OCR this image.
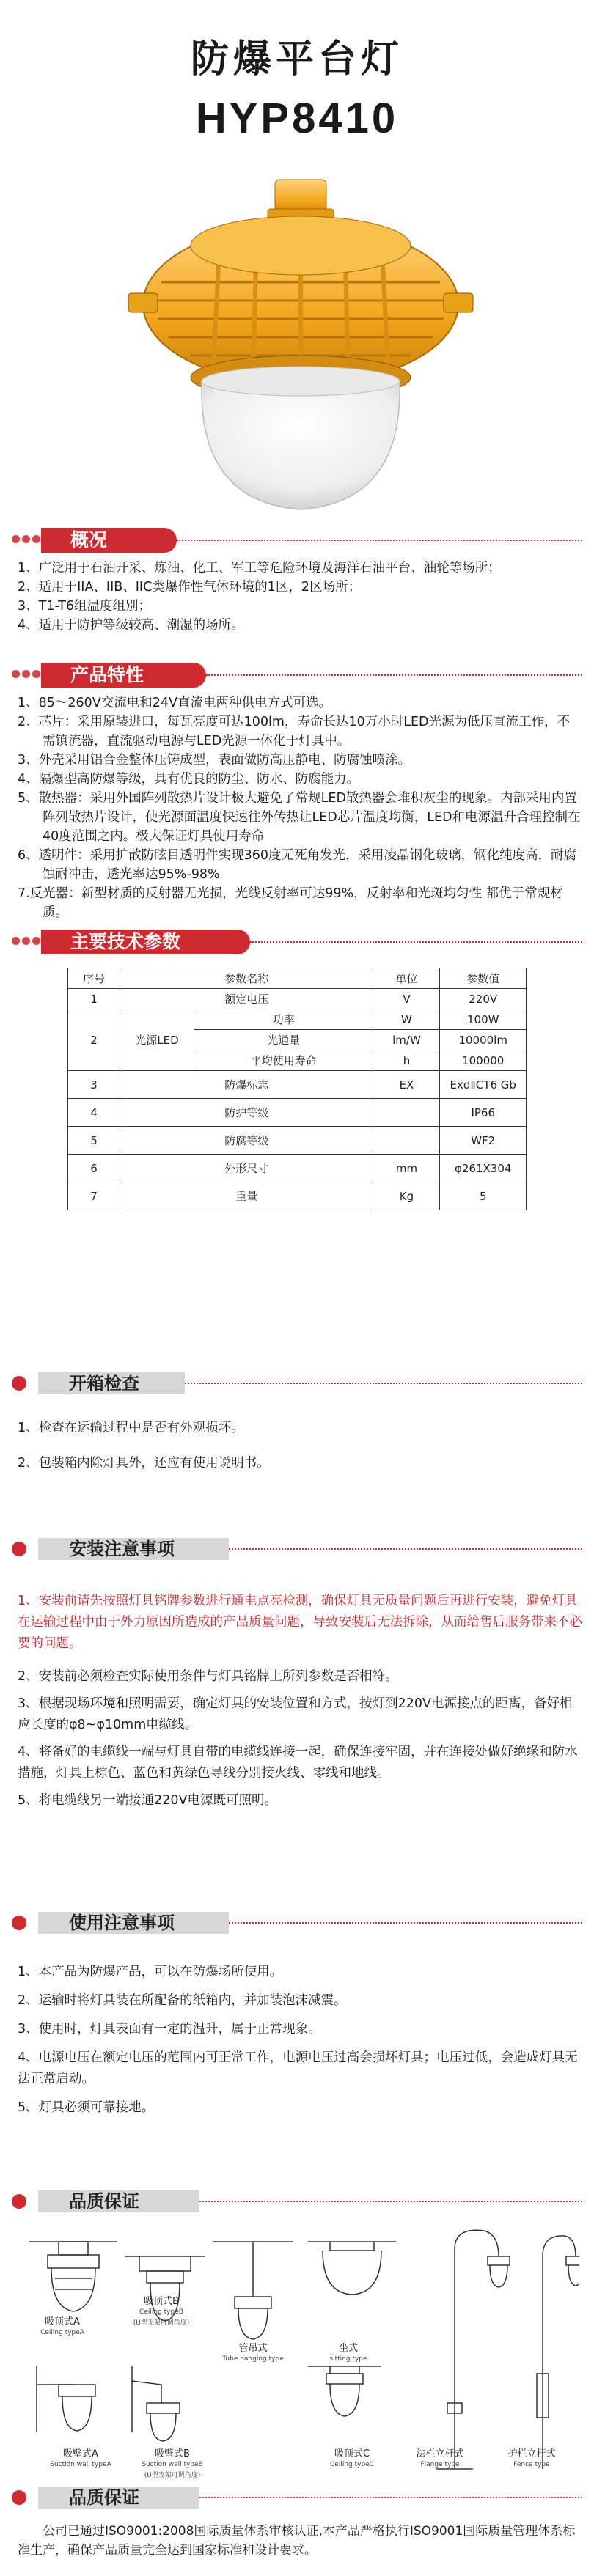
防爆平台灯
HYP8410
概况

1、广泛用于石油开采、炼油、化工、军工等危险环境及海洋石油平台、油轮等场所；

2、适用于IIA、IIB、IIC类爆作性气体环境的1区，2区场所；

3、T1-T6组温度组别；

4、适用于防护等级较高、潮湿的场所。

产品特性

1、85～260V交流电和24V直流电两种供电方式可选。

2、芯片：采用原装进口，每瓦亮度可达100lm，寿命长达10万小时LED光源为低压直流工作，不需镇流器，直流驱动电源与LED光源一体化于灯具中。

3、外壳采用铝合金整体压铸成型，表面做防高压静电、防腐蚀喷涂。

4、隔爆型高防爆等级，具有优良的防尘、防水、防腐能力。

5、散热器：采用外国阵列散热片设计极大避免了常规LED散热器会堆积灰尘的现象。内部采用内置阵列散热片设计，使光源面温度快速往外传热让LED芯片温度均衡，LED和电源温升合理控制在40度范围之内。极大保证灯具使用寿命

6、透明件：采用扩散防眩目透明件实现360度无死角发光，采用凌晶钢化玻璃，钢化纯度高，耐腐蚀耐冲击，透光率达95%-98%

7.反光器：新型材质的反射器无光损，光线反射率可达99%，反射率和光斑均匀性 都优于常规材质。

主要技术参数
序号	参数名称		单位	参数值
1	额定电压		V	220V
2	光源LED	功率	W	100W
		光通量	lm/W	10000lm
		平均使用寿命	h	100000
3	防爆标志		EX	ExdⅡCT6 Gb
4	防护等级			IP66
5	防腐等级			WF2
6	外形尺寸		mm	φ261X304
7	重量		Kg	5
开箱检查

1、检查在运输过程中是否有外观损坏。

2、包装箱内除灯具外，还应有使用说明书。

安装注意事项

1、安装前请先按照灯具铭牌参数进行通电点亮检测，确保灯具无质量问题后再进行安装，避免灯具在运输过程中由于外力原因所造成的产品质量问题，导致安装后无法拆除，从而给售后服务带来不必要的问题。

2、安装前必须检查实际使用条件与灯具铭牌上所列参数是否相符。

3、根据现场环境和照明需要，确定灯具的安装位置和方式，按灯到220V电源接点的距离，备好相应长度的φ8~φ10mm电缆线。

4、将备好的电缆线一端与灯具自带的电缆线连接一起，确保连接牢固，并在连接处做好绝缘和防水措施，灯具上棕色、蓝色和黄绿色导线分别接火线、零线和地线。

5、将电缆线另一端接通220V电源既可照明。

使用注意事项

1、本产品为防爆产品，可以在防爆场所使用。

2、运输时将灯具装在所配备的纸箱内，并加装泡沫减震。

3、使用时，灯具表面有一定的温升，属于正常现象。

4、电源电压在额定电压的范围内可正常工作，电源电压过高会损坏灯具；电压过低，会造成灯具无法正常启动。

5、灯具必须可靠接地。

品质保证
吸顶式A
Ceiling typeA
吸顶式B
Ceiling typeB
(U型支架可调角度)
管吊式
Tube hanging type
坐式
sitting type
吸壁式A
Suction wall typeA
吸壁式B
Suction wall typeB
(U型支架可调角度)
吸顶式C
Ceiling typeC
法栏立杆式
Flange type
护栏立杆式
Fence type
品质保证
公司已通过ISO9001:2008国际质量体系审核认证,本产品严格执行ISO9001国际质量管理体系标准生产，确保产品质量完全达到国家标准和设计要求。
